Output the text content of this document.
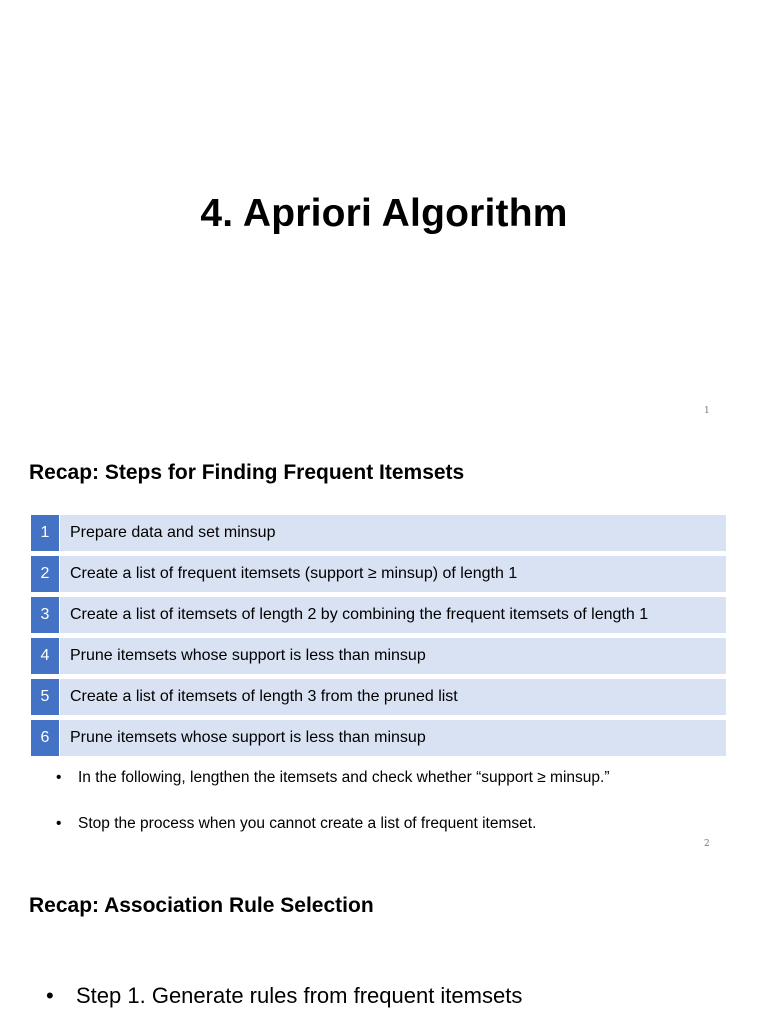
4. Apriori Algorithm
1
Recap: Steps for Finding Frequent Itemsets
1	Prepare data and set minsup
2	Create a list of frequent itemsets (support ≥ minsup) of length 1
3	Create a list of itemsets of length 2 by combining the frequent itemsets of length 1
4	Prune itemsets whose support is less than minsup
5	Create a list of itemsets of length 3 from the pruned list
6	Prune itemsets whose support is less than minsup
•	In the following, lengthen the itemsets and check whether “support ≥ minsup.”
•	Stop the process when you cannot create a list of frequent itemset.
2
Recap: Association Rule Selection
•	Step 1. Generate rules from frequent itemsets
